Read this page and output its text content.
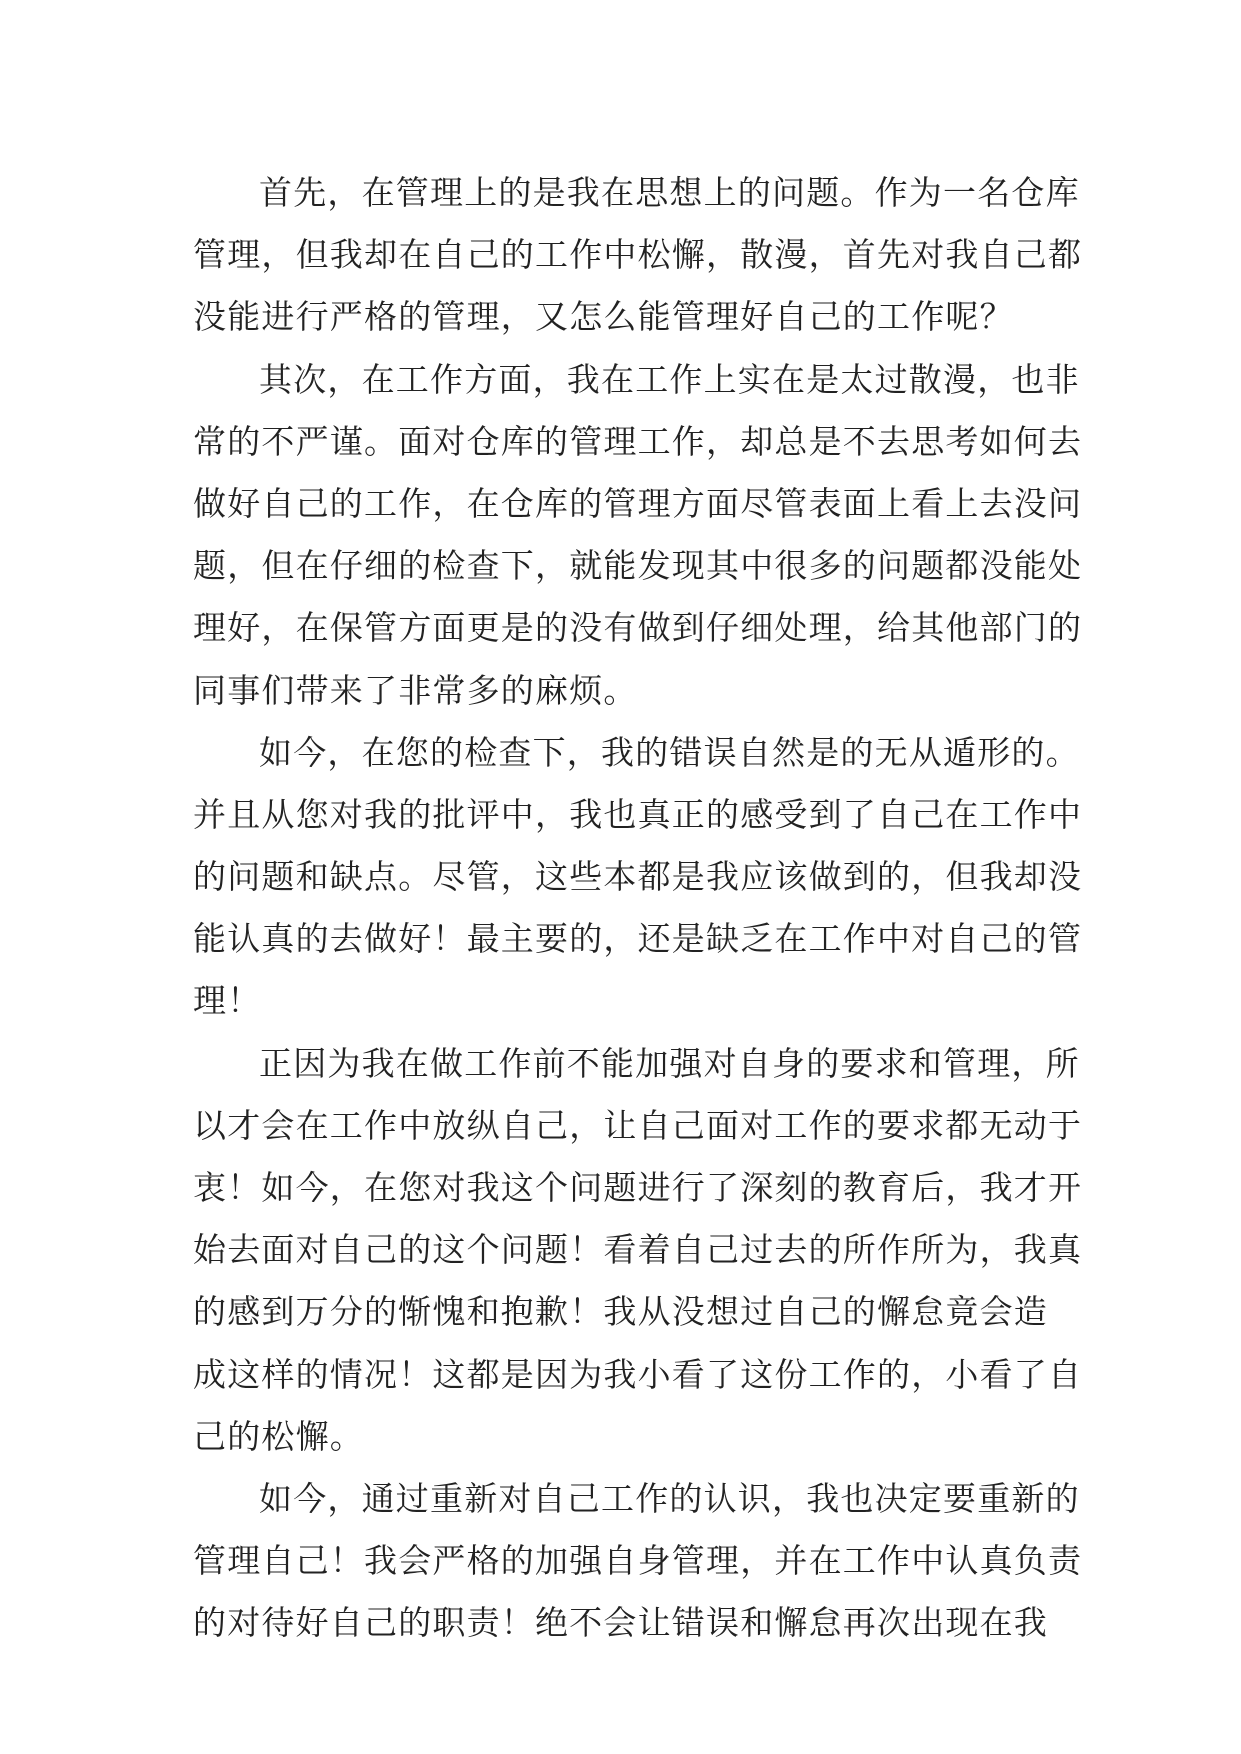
首先，在管理上的是我在思想上的问题。作为一名仓库
管理，但我却在自己的工作中松懈，散漫，首先对我自己都
没能进行严格的管理，又怎么能管理好自己的工作呢？
其次，在工作方面，我在工作上实在是太过散漫，也非
常的不严谨。面对仓库的管理工作，却总是不去思考如何去
做好自己的工作，在仓库的管理方面尽管表面上看上去没问
题，但在仔细的检查下，就能发现其中很多的问题都没能处
理好，在保管方面更是的没有做到仔细处理，给其他部门的
同事们带来了非常多的麻烦。
如今，在您的检查下，我的错误自然是的无从遁形的。
并且从您对我的批评中，我也真正的感受到了自己在工作中
的问题和缺点。尽管，这些本都是我应该做到的，但我却没
能认真的去做好！最主要的，还是缺乏在工作中对自己的管
理！
正因为我在做工作前不能加强对自身的要求和管理，所
以才会在工作中放纵自己，让自己面对工作的要求都无动于
衷！如今，在您对我这个问题进行了深刻的教育后，我才开
始去面对自己的这个问题！看着自己过去的所作所为，我真
的感到万分的惭愧和抱歉！我从没想过自己的懈怠竟会造
成这样的情况！这都是因为我小看了这份工作的，小看了自
己的松懈。
如今，通过重新对自己工作的认识，我也决定要重新的
管理自己！我会严格的加强自身管理，并在工作中认真负责
的对待好自己的职责！绝不会让错误和懈怠再次出现在我
